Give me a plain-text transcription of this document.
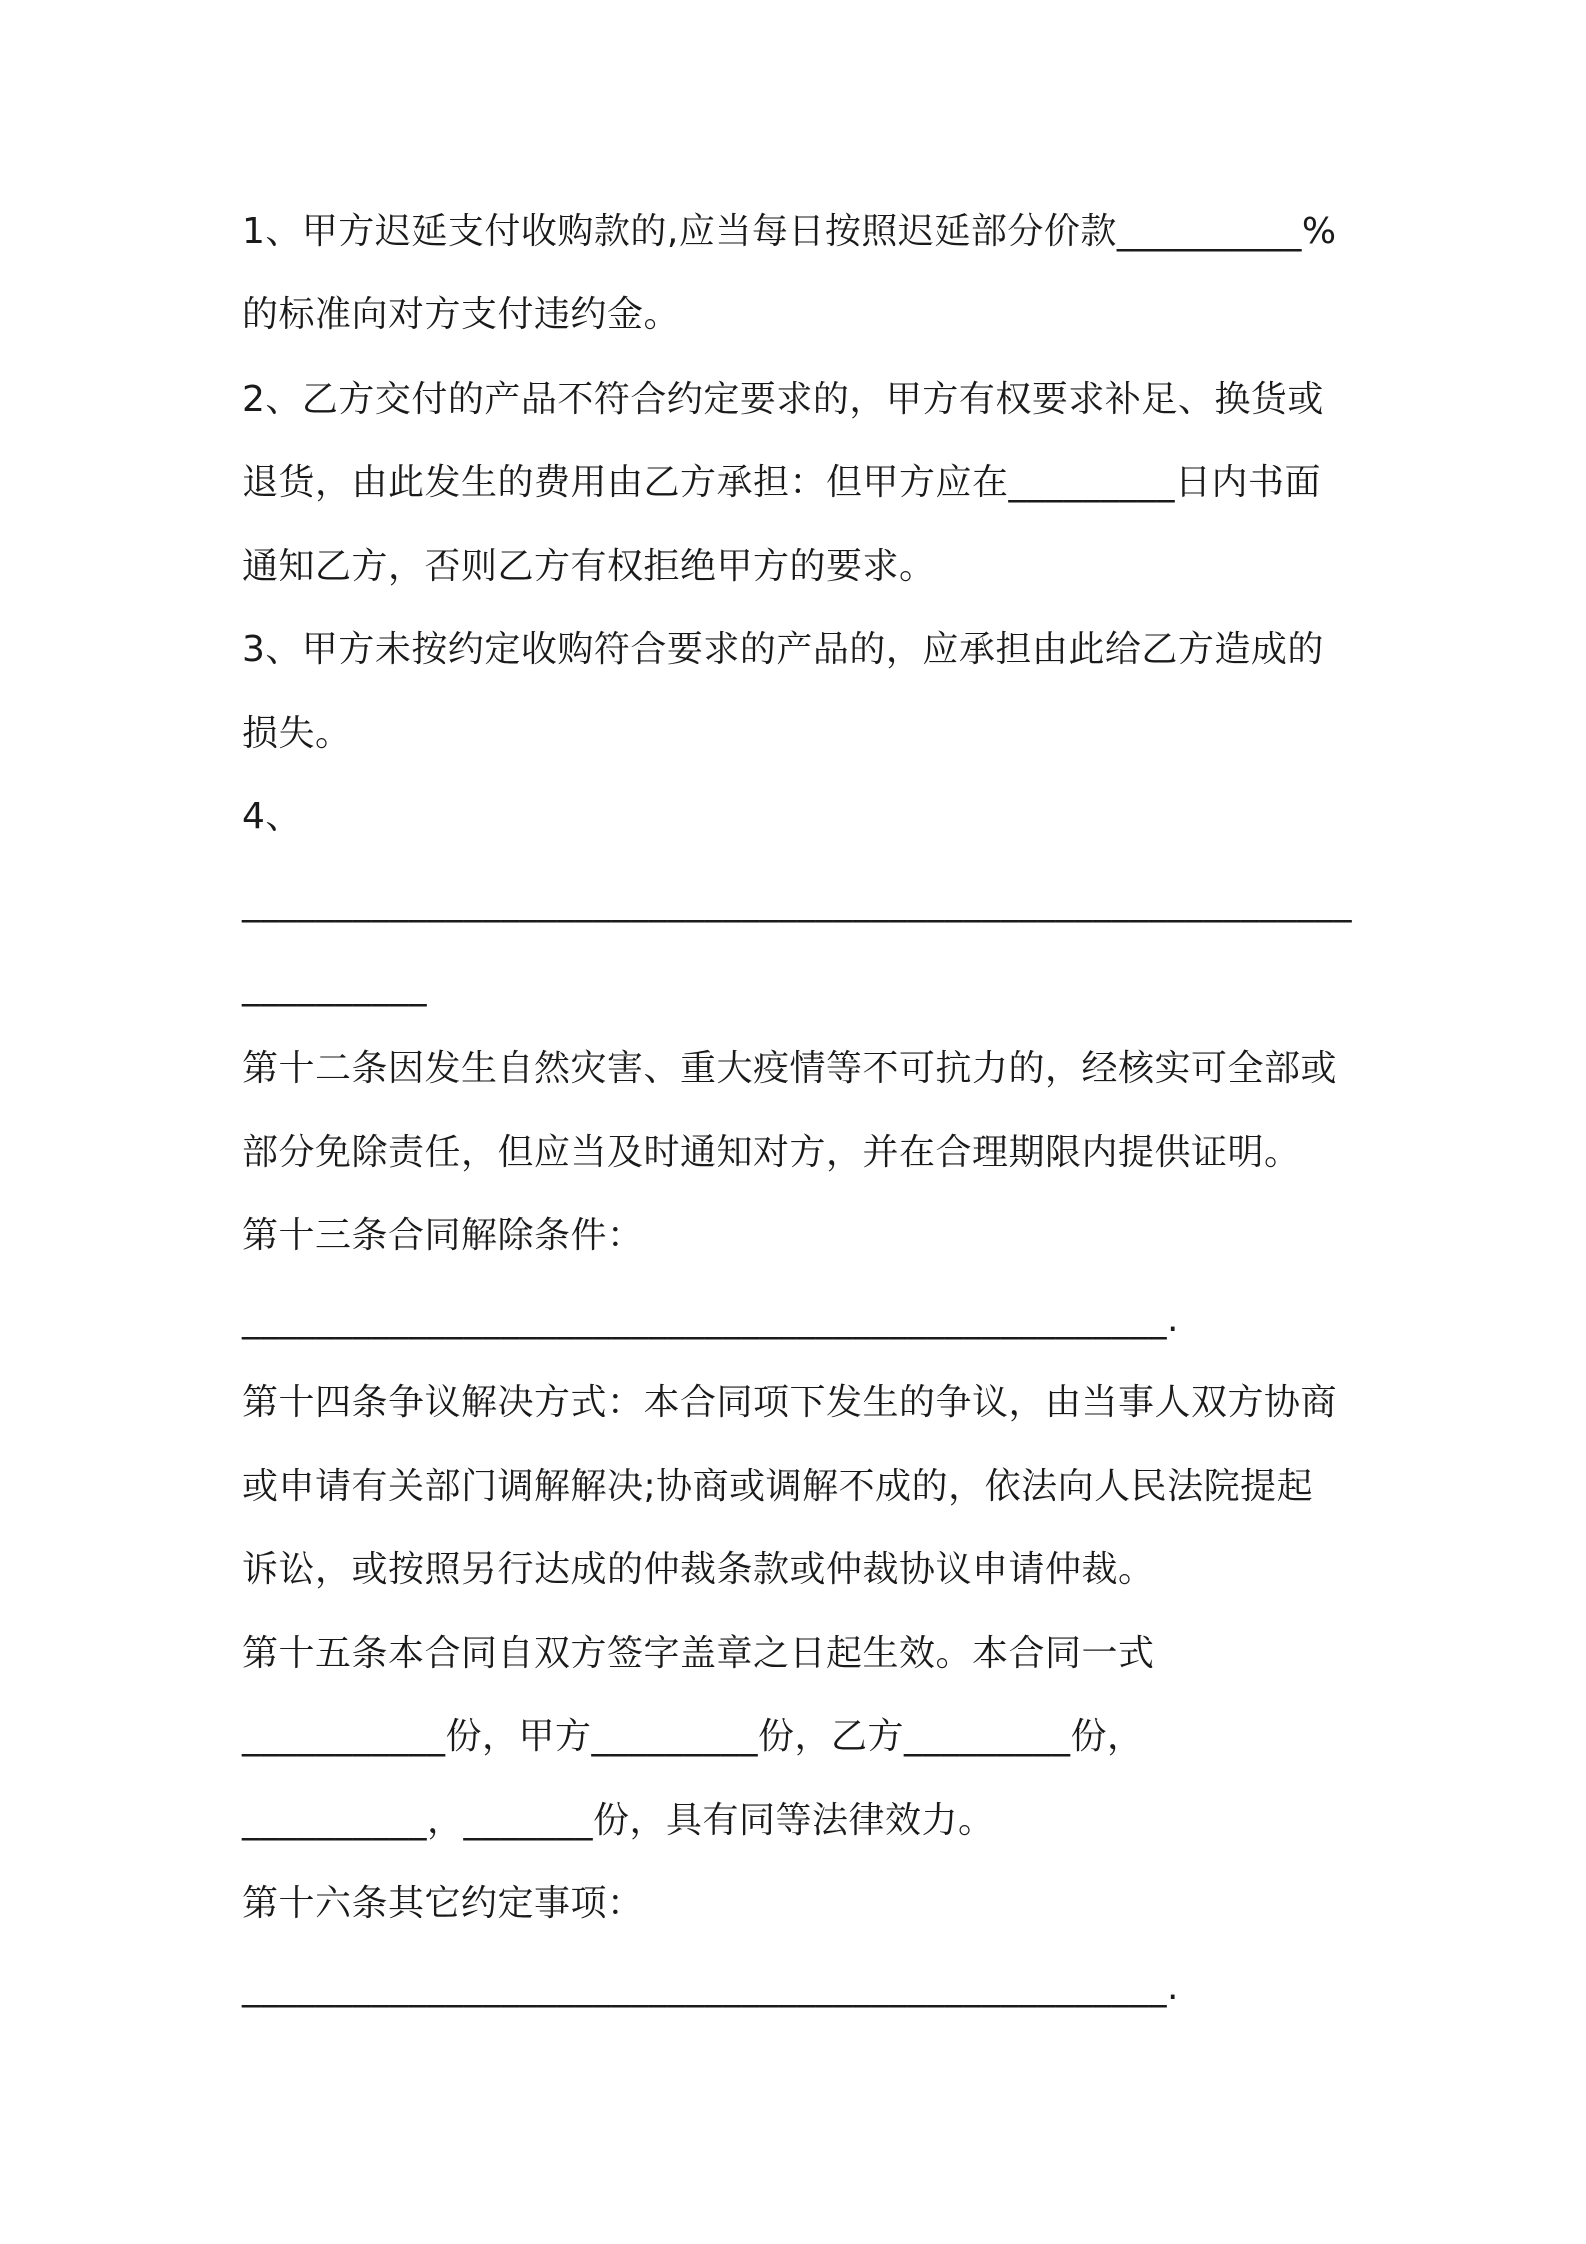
1、甲方迟延支付收购款的,应当每日按照迟延部分价款__________%
的标准向对方支付违约金。
2、乙方交付的产品不符合约定要求的，甲方有权要求补足、换货或
退货，由此发生的费用由乙方承担：但甲方应在_________日内书面
通知乙方，否则乙方有权拒绝甲方的要求。
3、甲方未按约定收购符合要求的产品的，应承担由此给乙方造成的
损失。
4、
____________________________________________________________
__________
第十二条因发生自然灾害、重大疫情等不可抗力的，经核实可全部或
部分免除责任，但应当及时通知对方，并在合理期限内提供证明。
第十三条合同解除条件：
__________________________________________________.
第十四条争议解决方式：本合同项下发生的争议，由当事人双方协商
或申请有关部门调解解决;协商或调解不成的，依法向人民法院提起
诉讼，或按照另行达成的仲裁条款或仲裁协议申请仲裁。
第十五条本合同自双方签字盖章之日起生效。本合同一式
___________份，甲方_________份，乙方_________份，
__________，_______份，具有同等法律效力。
第十六条其它约定事项：
__________________________________________________.
